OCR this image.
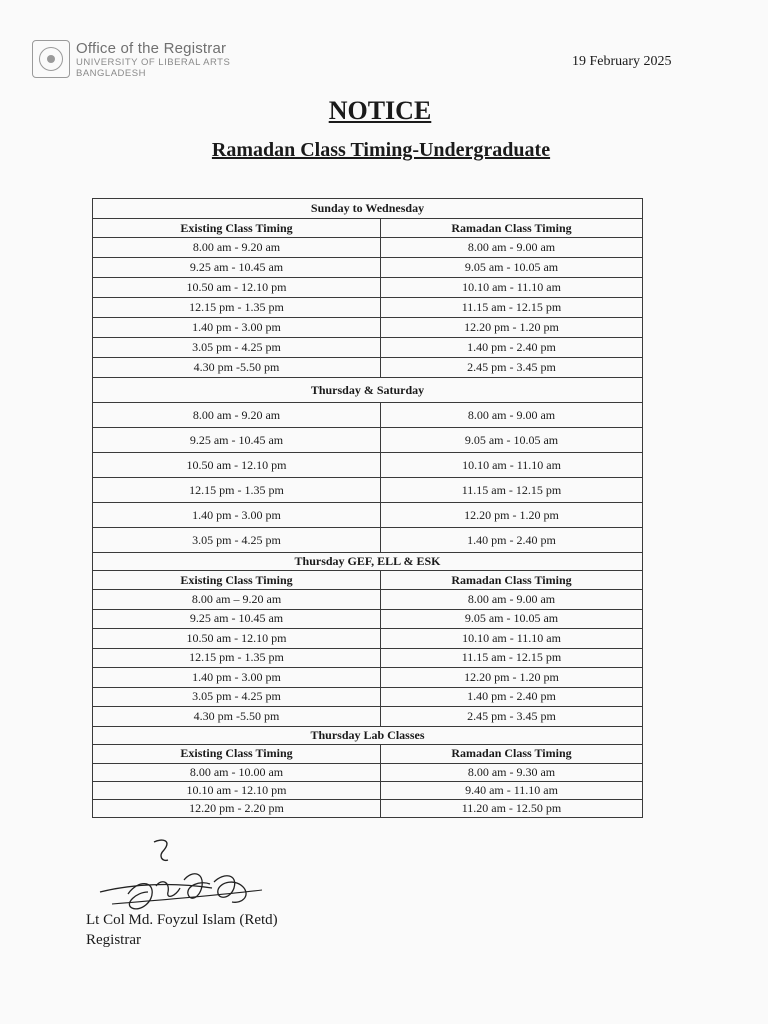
Office of the Registrar
UNIVERSITY OF LIBERAL ARTS
BANGLADESH
19 February 2025
NOTICE
Ramadan Class Timing-Undergraduate
Sunday to Wednesday	
Existing Class Timing	Ramadan Class Timing
8.00 am - 9.20 am	8.00 am - 9.00 am
9.25 am - 10.45 am	9.05 am - 10.05 am
10.50 am - 12.10 pm	10.10 am - 11.10 am
12.15 pm - 1.35 pm	11.15 am - 12.15 pm
1.40 pm - 3.00 pm	12.20 pm - 1.20 pm
3.05 pm - 4.25 pm	1.40 pm - 2.40 pm
4.30 pm -5.50 pm	2.45 pm - 3.45 pm
Thursday & Saturday	
8.00 am - 9.20 am	8.00 am - 9.00 am
9.25 am - 10.45 am	9.05 am - 10.05 am
10.50 am - 12.10 pm	10.10 am - 11.10 am
12.15 pm - 1.35 pm	11.15 am - 12.15 pm
1.40 pm - 3.00 pm	12.20 pm - 1.20 pm
3.05 pm - 4.25 pm	1.40 pm - 2.40 pm
Thursday GEF, ELL & ESK	
Existing Class Timing	Ramadan Class Timing
8.00 am – 9.20 am	8.00 am - 9.00 am
9.25 am - 10.45 am	9.05 am - 10.05 am
10.50 am - 12.10 pm	10.10 am - 11.10 am
12.15 pm - 1.35 pm	11.15 am - 12.15 pm
1.40 pm - 3.00 pm	12.20 pm - 1.20 pm
3.05 pm - 4.25 pm	1.40 pm - 2.40 pm
4.30 pm -5.50 pm	2.45 pm - 3.45 pm
Thursday Lab Classes	
Existing Class Timing	Ramadan Class Timing
8.00 am - 10.00 am	8.00 am - 9.30 am
10.10 am - 12.10 pm	9.40 am - 11.10 am
12.20 pm - 2.20 pm	11.20 am - 12.50 pm
Lt Col Md. Foyzul Islam (Retd)
Registrar
